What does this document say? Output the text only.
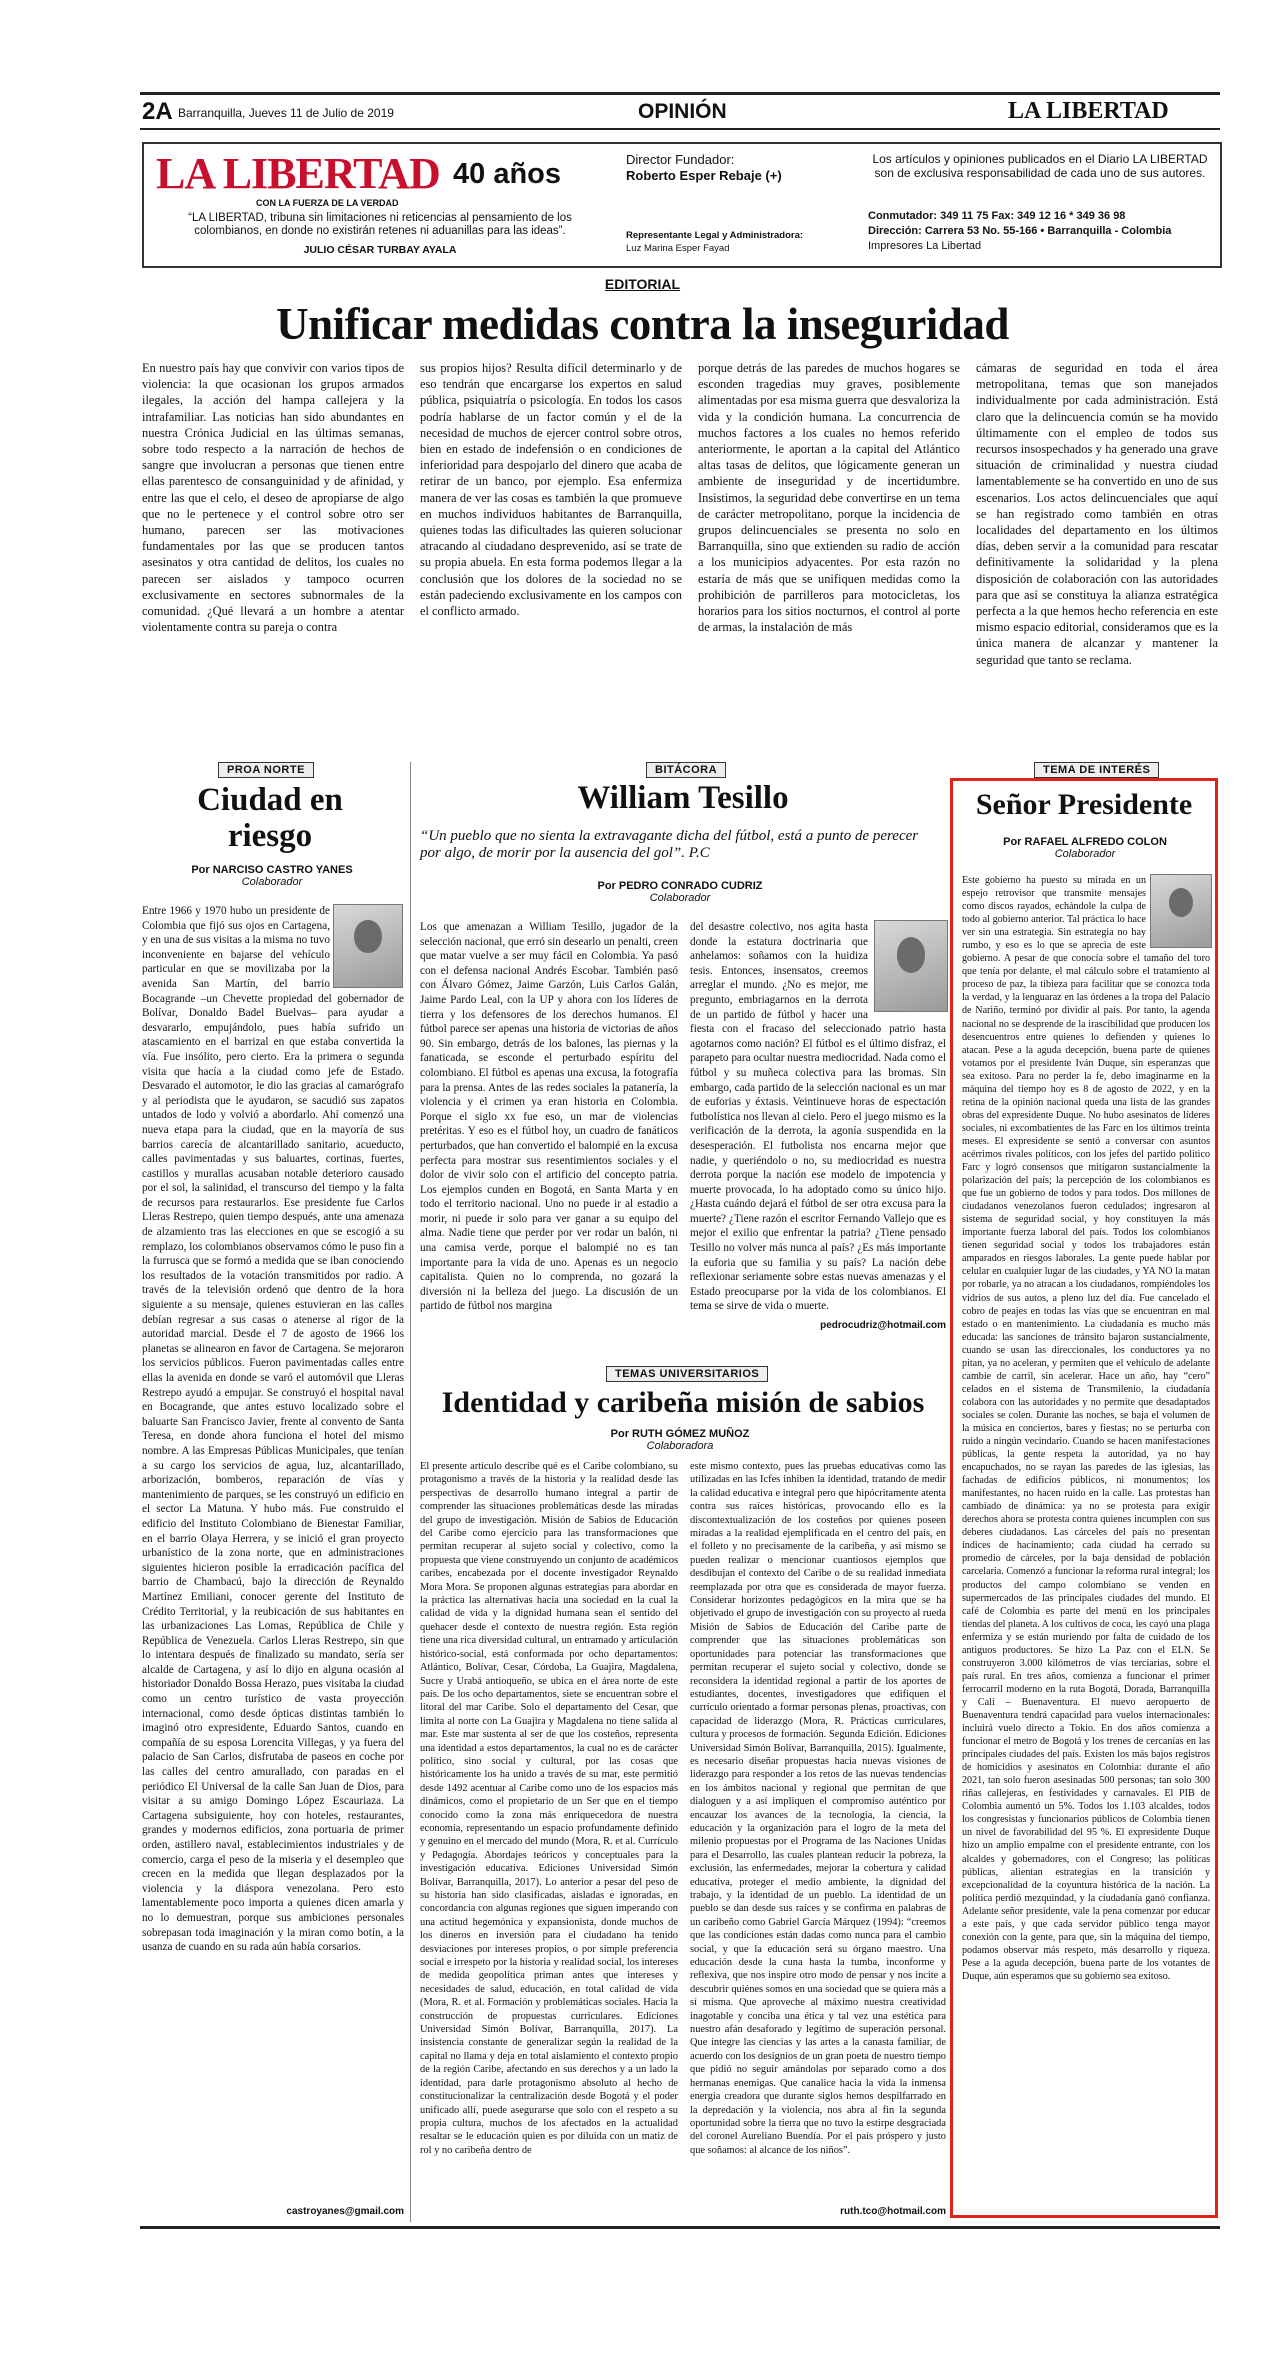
2A Barranquilla, Jueves 11 de Julio de 2019	OPINIÓN	LA LIBERTAD
LA LIBERTAD 40 años
CON LA FUERZA DE LA VERDAD
“LA LIBERTAD, tribuna sin limitaciones ni reticencias al pensamiento de los colombianos, en donde no existirán retenes ni aduanillas para las ideas”.
JULIO CÉSAR TURBAY AYALA
Director Fundador:
Roberto Esper Rebaje (+)
Representante Legal y Administradora:
Luz Marina Esper Fayad
Los artículos y opiniones publicados en el Diario LA LIBERTAD son de exclusiva responsabilidad de cada uno de sus autores.
Conmutador: 349 11 75 Fax: 349 12 16 * 349 36 98
Dirección: Carrera 53 No. 55-166 • Barranquilla - Colombia
Impresores La Libertad
EDITORIAL
Unificar medidas contra la inseguridad
En nuestro país hay que convivir con varios tipos de violencia: la que ocasionan los grupos armados ilegales, la acción del hampa callejera y la intrafamiliar. Las noticias han sido abundantes en nuestra Crónica Judicial en las últimas semanas, sobre todo respecto a la narración de hechos de sangre que involucran a personas que tienen entre ellas parentesco de consanguinidad y de afinidad, y entre las que el celo, el deseo de apropiarse de algo que no le pertenece y el control sobre otro ser humano, parecen ser las motivaciones fundamentales por las que se producen tantos asesinatos y otra cantidad de delitos, los cuales no parecen ser aislados y tampoco ocurren exclusivamente en sectores subnormales de la comunidad. ¿Qué llevará a un hombre a atentar violentamente contra su pareja o contra
sus propios hijos? Resulta difícil determinarlo y de eso tendrán que encargarse los expertos en salud pública, psiquiatría o psicología. En todos los casos podría hablarse de un factor común y el de la necesidad de muchos de ejercer control sobre otros, bien en estado de indefensión o en condiciones de inferioridad para despojarlo del dinero que acaba de retirar de un banco, por ejemplo. Esa enfermiza manera de ver las cosas es también la que promueve en muchos individuos habitantes de Barranquilla, quienes todas las dificultades las quieren solucionar atracando al ciudadano desprevenido, así se trate de su propia abuela. En esta forma podemos llegar a la conclusión que los dolores de la sociedad no se están padeciendo exclusivamente en los campos con el conflicto armado.
porque detrás de las paredes de muchos hogares se esconden tragedias muy graves, posiblemente alimentadas por esa misma guerra que desvaloriza la vida y la condición humana. La concurrencia de muchos factores a los cuales no hemos referido anteriormente, le aportan a la capital del Atlántico altas tasas de delitos, que lógicamente generan un ambiente de inseguridad y de incertidumbre. Insistimos, la seguridad debe convertirse en un tema de carácter metropolitano, porque la incidencia de grupos delincuenciales se presenta no solo en Barranquilla, sino que extienden su radio de acción a los municipios adyacentes. Por esta razón no estaría de más que se unifiquen medidas como la prohibición de parrilleros para motocicletas, los horarios para los sitios nocturnos, el control al porte de armas, la instalación de más
cámaras de seguridad en toda el área metropolitana, temas que son manejados individualmente por cada administración. Está claro que la delincuencia común se ha movido últimamente con el empleo de todos sus recursos insospechados y ha generado una grave situación de criminalidad y nuestra ciudad lamentablemente se ha convertido en uno de sus escenarios. Los actos delincuenciales que aquí se han registrado como también en otras localidades del departamento en los últimos días, deben servir a la comunidad para rescatar definitivamente la solidaridad y la plena disposición de colaboración con las autoridades para que así se constituya la alianza estratégica perfecta a la que hemos hecho referencia en este mismo espacio editorial, consideramos que es la única manera de alcanzar y mantener la seguridad que tanto se reclama.
PROA NORTE
Ciudad en riesgo
Por NARCISO CASTRO YANES
Colaborador
Entre 1966 y 1970 hubo un presidente de Colombia que fijó sus ojos en Cartagena, y en una de sus visitas a la misma no tuvo inconveniente en bajarse del vehículo particular en que se movilizaba por la avenida San Martín, del barrio Bocagrande –un Chevette propiedad del gobernador de Bolívar, Donaldo Badel Buelvas– para ayudar a desvararlo, empujándolo, pues había sufrido un atascamiento en el barrizal en que estaba convertida la vía. Fue insólito, pero cierto. Era la primera o segunda visita que hacía a la ciudad como jefe de Estado. Desvarado el automotor, le dio las gracias al camarógrafo y al periodista que le ayudaron, se sacudió sus zapatos untados de lodo y volvió a abordarlo. Ahí comenzó una nueva etapa para la ciudad, que en la mayoría de sus barrios carecía de alcantarillado sanitario, acueducto, calles pavimentadas y sus baluartes, cortinas, fuertes, castillos y murallas acusaban notable deterioro causado por el sol, la salinidad, el transcurso del tiempo y la falta de recursos para restaurarlos. Ese presidente fue Carlos Lleras Restrepo, quien tiempo después, ante una amenaza de alzamiento tras las elecciones en que se escogió a su remplazo, los colombianos observamos cómo le puso fin a la furrusca que se formó a medida que se iban conociendo los resultados de la votación transmitidos por radio. A través de la televisión ordenó que dentro de la hora siguiente a su mensaje, quienes estuvieran en las calles debían regresar a sus casas o atenerse al rigor de la autoridad marcial. Desde el 7 de agosto de 1966 los planetas se alinearon en favor de Cartagena. Se mejoraron los servicios públicos. Fueron pavimentadas calles entre ellas la avenida en donde se varó el automóvil que Lleras Restrepo ayudó a empujar. Se construyó el hospital naval en Bocagrande, que antes estuvo localizado sobre el baluarte San Francisco Javier, frente al convento de Santa Teresa, en donde ahora funciona el hotel del mismo nombre. A las Empresas Públicas Municipales, que tenían a su cargo los servicios de agua, luz, alcantarillado, arborización, bomberos, reparación de vías y mantenimiento de parques, se les construyó un edificio en el sector La Matuna. Y hubo más. Fue construido el edificio del Instituto Colombiano de Bienestar Familiar, en el barrio Olaya Herrera, y se inició el gran proyecto urbanístico de la zona norte, que en administraciones siguientes hicieron posible la erradicación pacífica del barrio de Chambacú, bajo la dirección de Reynaldo Martínez Emiliani, conocer gerente del Instituto de Crédito Territorial, y la reubicación de sus habitantes en las urbanizaciones Las Lomas, República de Chile y República de Venezuela. Carlos Lleras Restrepo, sin que lo intentara después de finalizado su mandato, sería ser alcalde de Cartagena, y así lo dijo en alguna ocasión al historiador Donaldo Bossa Herazo, pues visitaba la ciudad como un centro turístico de vasta proyección internacional, como desde ópticas distintas también lo imaginó otro expresidente, Eduardo Santos, cuando en compañía de su esposa Lorencita Villegas, y ya fuera del palacio de San Carlos, disfrutaba de paseos en coche por las calles del centro amurallado, con paradas en el periódico El Universal de la calle San Juan de Dios, para visitar a su amigo Domingo López Escauriaza. La Cartagena subsiguiente, hoy con hoteles, restaurantes, grandes y modernos edificios, zona portuaria de primer orden, astillero naval, establecimientos industriales y de comercio, carga el peso de la miseria y el desempleo que crecen en la medida que llegan desplazados por la violencia y la diáspora venezolana. Pero esto lamentablemente poco importa a quienes dicen amarla y no lo demuestran, porque sus ambiciones personales sobrepasan toda imaginación y la miran como botín, a la usanza de cuando en su rada aún había corsarios.
castroyanes@gmail.com
BITÁCORA
William Tesillo
“Un pueblo que no sienta la extravagante dicha del fútbol, está a punto de perecer por algo, de morir por la ausencia del gol”. P.C
Por PEDRO CONRADO CUDRIZ
Colaborador
Los que amenazan a William Tesillo, jugador de la selección nacional, que erró sin desearlo un penalti, creen que matar vuelve a ser muy fácil en Colombia. Ya pasó con el defensa nacional Andrés Escobar. También pasó con Álvaro Gómez, Jaime Garzón, Luis Carlos Galán, Jaime Pardo Leal, con la UP y ahora con los líderes de tierra y los defensores de los derechos humanos. El fútbol parece ser apenas una historia de victorias de años 90. Sin embargo, detrás de los balones, las piernas y la fanaticada, se esconde el perturbado espíritu del colombiano. El fútbol es apenas una excusa, la fotografía para la prensa. Antes de las redes sociales la patanería, la violencia y el crimen ya eran historia en Colombia. Porque el siglo xx fue eso, un mar de violencias pretéritas. Y eso es el fútbol hoy, un cuadro de fanáticos perturbados, que han convertido el balompié en la excusa perfecta para mostrar sus resentimientos sociales y el dolor de vivir solo con el artificio del concepto patria. Los ejemplos cunden en Bogotá, en Santa Marta y en todo el territorio nacional. Uno no puede ir al estadio a morir, ni puede ir solo para ver ganar a su equipo del alma. Nadie tiene que perder por ver rodar un balón, ni una camisa verde, porque el balompié no es tan importante para la vida de uno. Apenas es un negocio capitalista. Quien no lo comprenda, no gozará la diversión ni la belleza del juego. La discusión de un partido de fútbol nos margina
del desastre colectivo, nos agita hasta donde la estatura doctrinaria que anhelamos: soñamos con la huidiza tesis. Entonces, insensatos, creemos arreglar el mundo. ¿No es mejor, me pregunto, embriagarnos en la derrota de un partido de fútbol y hacer una fiesta con el fracaso del seleccionado patrio hasta agotarnos como nación? El fútbol es el último disfraz, el parapeto para ocultar nuestra mediocridad. Nada como el fútbol y su muñeca colectiva para las bromas. Sin embargo, cada partido de la selección nacional es un mar de euforias y éxtasis. Veintinueve horas de espectación futbolística nos llevan al cielo. Pero el juego mismo es la verificación de la derrota, la agonía suspendida en la desesperación. El futbolista nos encarna mejor que nadie, y queriéndolo o no, su mediocridad es nuestra derrota porque la nación ese modelo de impotencia y muerte provocada, lo ha adoptado como su único hijo. ¿Hasta cuándo dejará el fútbol de ser otra excusa para la muerte? ¿Tiene razón el escritor Fernando Vallejo que es mejor el exilio que enfrentar la patria? ¿Tiene pensado Tesillo no volver más nunca al país? ¿Es más importante la euforia que su familia y su país? La nación debe reflexionar seriamente sobre estas nuevas amenazas y el Estado preocuparse por la vida de los colombianos. El tema se sirve de vida o muerte.
pedrocudriz@hotmail.com
TEMAS UNIVERSITARIOS
Identidad y caribeña misión de sabios
Por RUTH GÓMEZ MUÑOZ
Colaboradora
El presente artículo describe qué es el Caribe colombiano, su protagonismo a través de la historia y la realidad desde las perspectivas de desarrollo humano integral a partir de comprender las situaciones problemáticas desde las miradas del grupo de investigación. Misión de Sabios de Educación del Caribe como ejercicio para las transformaciones que permitan recuperar al sujeto social y colectivo, como la propuesta que viene construyendo un conjunto de académicos caribes, encabezada por el docente investigador Reynaldo Mora Mora. Se proponen algunas estrategias para abordar en la práctica las alternativas hacia una sociedad en la cual la calidad de vida y la dignidad humana sean el sentido del quehacer desde el contexto de nuestra región. Esta región tiene una rica diversidad cultural, un entramado y articulación histórico-social, está conformada por ocho departamentos: Atlántico, Bolívar, Cesar, Córdoba, La Guajira, Magdalena, Sucre y Urabá antioqueño, se ubica en el área norte de este país. De los ocho departamentos, siete se encuentran sobre el litoral del mar Caribe. Solo el departamento del Cesar, que limita al norte con La Guajira y Magdalena no tiene salida al mar. Este mar sustenta al ser de que los costeños, representa una identidad a estos departamentos, la cual no es de carácter político, sino social y cultural, por las cosas que históricamente los ha unido a través de su mar, este permitió desde 1492 acentuar al Caribe como uno de los espacios más dinámicos, como el propietario de un Ser que en el tiempo conocido como la zona más enriquecedora de nuestra economía, representando un espacio profundamente definido y genuino en el mercado del mundo (Mora, R. et al. Currículo y Pedagogía. Abordajes teóricos y conceptuales para la investigación educativa. Ediciones Universidad Simón Bolívar, Barranquilla, 2017). Lo anterior a pesar del peso de su historia han sido clasificadas, aisladas e ignoradas, en concordancia con algunas regiones que siguen imperando con una actitud hegemónica y expansionista, donde muchos de los dineros en inversión para el ciudadano ha tenido desviaciones por intereses propios, o por simple preferencia social e irrespeto por la historia y realidad social, los intereses de medida geopolítica priman antes que intereses y necesidades de salud, educación, en total calidad de vida (Mora, R. et al. Formación y problemáticas sociales. Hacia la construcción de propuestas curriculares. Ediciones Universidad Simón Bolívar, Barranquilla, 2017). La insistencia constante de generalizar según la realidad de la capital no llama y deja en total aislamiento el contexto propio de la región Caribe, afectando en sus derechos y a un lado la identidad, para darle protagonismo absoluto al hecho de constitucionalizar la centralización desde Bogotá y el poder unificado allí, puede asegurarse que solo con el respeto a su propia cultura, muchos de los afectados en la actualidad resaltar se le educación quien es por diluida con un matiz de rol y no caribeña dentro de
este mismo contexto, pues las pruebas educativas como las utilizadas en las Icfes inhiben la identidad, tratando de medir la calidad educativa e integral pero que hipócritamente atenta contra sus raíces históricas, provocando ello es la discontextualización de los costeños por quienes poseen miradas a la realidad ejemplificada en el centro del país, en el folleto y no precisamente de la caribeña, y así mismo se pueden realizar o mencionar cuantiosos ejemplos que desdibujan el contexto del Caribe o de su realidad inmediata reemplazada por otra que es considerada de mayor fuerza. Considerar horizontes pedagógicos en la mira que se ha objetivado el grupo de investigación con su proyecto al rueda Misión de Sabios de Educación del Caribe parte de comprender que las situaciones problemáticas son oportunidades para potenciar las transformaciones que permitan recuperar el sujeto social y colectivo, donde se reconsidera la identidad regional a partir de los aportes de estudiantes, docentes, investigadores que edifiquen el currículo orientado a formar personas plenas, proactivas, con capacidad de liderazgo (Mora, R. Prácticas curriculares, cultura y procesos de formación. Segunda Edición. Ediciones Universidad Simón Bolívar, Barranquilla, 2015). Igualmente, es necesario diseñar propuestas hacia nuevas visiones de liderazgo para responder a los retos de las nuevas tendencias en los ámbitos nacional y regional que permitan de que dialoguen y a así impliquen el compromiso auténtico por encauzar los avances de la tecnología, la ciencia, la educación y la organización para el logro de la meta del milenio propuestas por el Programa de las Naciones Unidas para el Desarrollo, las cuales plantean reducir la pobreza, la exclusión, las enfermedades, mejorar la cobertura y calidad educativa, proteger el medio ambiente, la dignidad del trabajo, y la identidad de un pueblo. La identidad de un pueblo se dan desde sus raíces y se confirma en palabras de un caribeño como Gabriel García Márquez (1994): “creemos que las condiciones están dadas como nunca para el cambio social, y que la educación será su órgano maestro. Una educación desde la cuna hasta la tumba, inconforme y reflexiva, que nos inspire otro modo de pensar y nos incite a descubrir quiénes somos en una sociedad que se quiera más a sí misma. Que aproveche al máximo nuestra creatividad inagotable y conciba una ética y tal vez una estética para nuestro afán desaforado y legítimo de superación personal. Que integre las ciencias y las artes a la canasta familiar, de acuerdo con los designios de un gran poeta de nuestro tiempo que pidió no seguir amándolas por separado como a dos hermanas enemigas. Que canalice hacia la vida la inmensa energía creadora que durante siglos hemos despilfarrado en la depredación y la violencia, nos abra al fin la segunda oportunidad sobre la tierra que no tuvo la estirpe desgraciada del coronel Aureliano Buendía. Por el país próspero y justo que soñamos: al alcance de los niños”.
ruth.tco@hotmail.com
TEMA DE INTERÉS
Señor Presidente
Por RAFAEL ALFREDO COLON
Colaborador
Este gobierno ha puesto su mirada en un espejo retrovisor que transmite mensajes como discos rayados, echándole la culpa de todo al gobierno anterior. Tal práctica lo hace ver sin una estrategia. Sin estrategia no hay rumbo, y eso es lo que se aprecia de este gobierno. A pesar de que conocía sobre el tamaño del toro que tenía por delante, el mal cálculo sobre el tratamiento al proceso de paz, la tibieza para facilitar que se conozca toda la verdad, y la lenguaraz en las órdenes a la tropa del Palacio de Nariño, terminó por dividir al país. Por tanto, la agenda nacional no se desprende de la irascibilidad que producen los desencuentros entre quienes lo defienden y quienes lo atacan. Pese a la aguda decepción, buena parte de quienes votamos por el presidente Iván Duque, sin esperanzas que sea exitoso. Para no perder la fe, debo imaginarme en la máquina del tiempo hoy es 8 de agosto de 2022, y en la retina de la opinión nacional queda una lista de las grandes obras del expresidente Duque. No hubo asesinatos de líderes sociales, ni excombatientes de las Farc en los últimos treinta meses. El expresidente se sentó a conversar con asuntos acérrimos rivales políticos, con los jefes del partido político Farc y logró consensos que mitigaron sustancialmente la polarización del país; la percepción de los colombianos es que fue un gobierno de todos y para todos. Dos millones de ciudadanos venezolanos fueron cedulados; ingresaron al sistema de seguridad social, y hoy constituyen la más importante fuerza laboral del país. Todos los colombianos tienen seguridad social y todos los trabajadores están amparados en riesgos laborales. La gente puede hablar por celular en cualquier lugar de las ciudades, y YA NO la matan por robarle, ya no atracan a los ciudadanos, rompiéndoles los vidrios de sus autos, a pleno luz del día. Fue cancelado el cobro de peajes en todas las vías que se encuentran en mal estado o en mantenimiento. La ciudadanía es mucho más educada: las sanciones de tránsito bajaron sustancialmente, cuando se usan las direccionales, los conductores ya no pitan, ya no aceleran, y permiten que el vehículo de adelante cambie de carril, sin acelerar. Hace un año, hay “cero” celados en el sistema de Transmilenio, la ciudadanía colabora con las autoridades y no permite que desadaptados sociales se colen. Durante las noches, se baja el volumen de la música en conciertos, bares y fiestas; no se perturba con ruido a ningún vecindario. Cuando se hacen manifestaciones públicas, la gente respeta la autoridad, ya no hay encapuchados, no se rayan las paredes de las iglesias, las fachadas de edificios públicos, ni monumentos; los manifestantes, no hacen ruido en la calle. Las protestas han cambiado de dinámica: ya no se protesta para exigir derechos ahora se protesta contra quienes incumplen con sus deberes ciudadanos. Las cárceles del país no presentan índices de hacinamiento; cada ciudad ha cerrado su promedio de cárceles, por la baja densidad de población carcelaria. Comenzó a funcionar la reforma rural integral; los productos del campo colombiano se venden en supermercados de las principales ciudades del mundo. El café de Colombia es parte del menú en los principales tiendas del planeta. A los cultivos de coca, les cayó una plaga enfermiza y se están muriendo por falta de cuidado de los antiguos productores. Se hizo La Paz con el ELN. Se construyeron 3.000 kilómetros de vías terciarias, sobre el país rural. En tres años, comienza a funcionar el primer ferrocarril moderno en la ruta Bogotá, Dorada, Barranquilla y Cali – Buenaventura. El nuevo aeropuerto de Buenaventura tendrá capacidad para vuelos internacionales: incluirá vuelo directo a Tokio. En dos años comienza a funcionar el metro de Bogotá y los trenes de cercanías en las principales ciudades del país. Existen los más bajos registros de homicidios y asesinatos en Colombia: durante el año 2021, tan solo fueron asesinadas 500 personas; tan solo 300 riñas callejeras, en festividades y carnavales. El PIB de Colombia aumentó un 5%. Todos los 1.103 alcaldes, todos los congresistas y funcionarios públicos de Colombia tienen un nivel de favorabilidad del 95 %. El expresidente Duque hizo un amplio empalme con el presidente entrante, con los alcaldes y gobernadores, con el Congreso; las políticas públicas, alientan estrategias en la transición y excepcionalidad de la coyuntura histórica de la nación. La política perdió mezquindad, y la ciudadanía ganó confianza. Adelante señor presidente, vale la pena comenzar por educar a este país, y que cada servidor público tenga mayor conexión con la gente, para que, sin la máquina del tiempo, podamos observar más respeto, más desarrollo y riqueza. Pese a la aguda decepción, buena parte de los votantes de Duque, aún esperamos que su gobierno sea exitoso.
